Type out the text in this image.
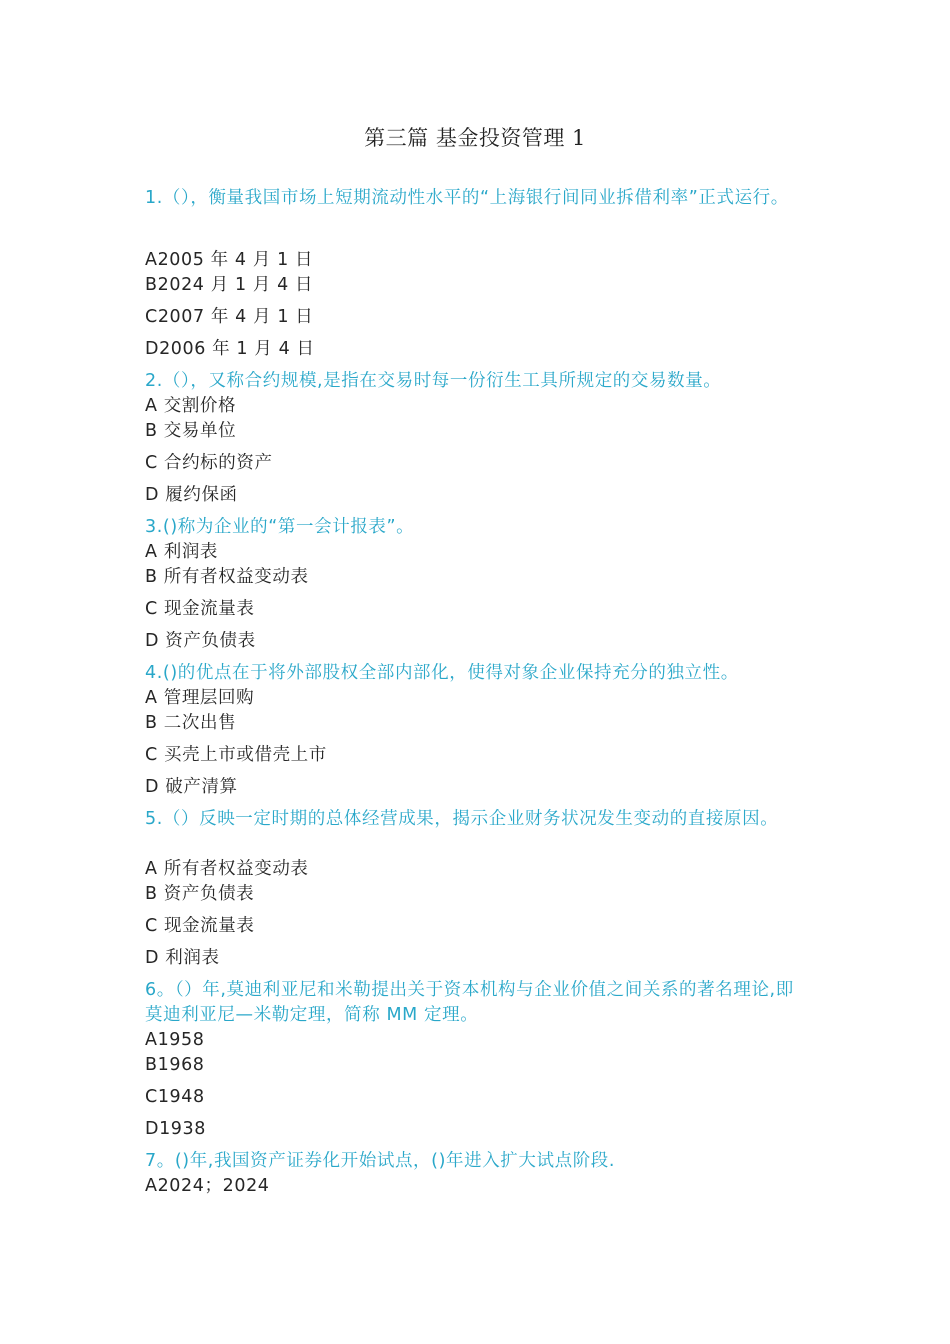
第三篇 基金投资管理 1
1.（），衡量我国市场上短期流动性水平的“上海银行间同业拆借利率”正式运行。
A2005 年 4 月 1 日
B2024 月 1 月 4 日
C2007 年 4 月 1 日
D2006 年 1 月 4 日
2.（），又称合约规模,是指在交易时每一份衍生工具所规定的交易数量。
A 交割价格
B 交易单位
C 合约标的资产
D 履约保函
3.()称为企业的“第一会计报表”。
A 利润表
B 所有者权益变动表
C 现金流量表
D 资产负债表
4.()的优点在于将外部股权全部内部化，使得对象企业保持充分的独立性。
A 管理层回购
B 二次出售
C 买壳上市或借壳上市
D 破产清算
5.（）反映一定时期的总体经营成果，揭示企业财务状况发生变动的直接原因。
A 所有者权益变动表
B 资产负债表
C 现金流量表
D 利润表
6。（）年,莫迪利亚尼和米勒提出关于资本机构与企业价值之间关系的著名理论,即莫迪利亚尼—米勒定理，简称 MM 定理。
A1958
B1968
C1948
D1938
7。()年,我国资产证券化开始试点，()年进入扩大试点阶段.
A2024；2024
